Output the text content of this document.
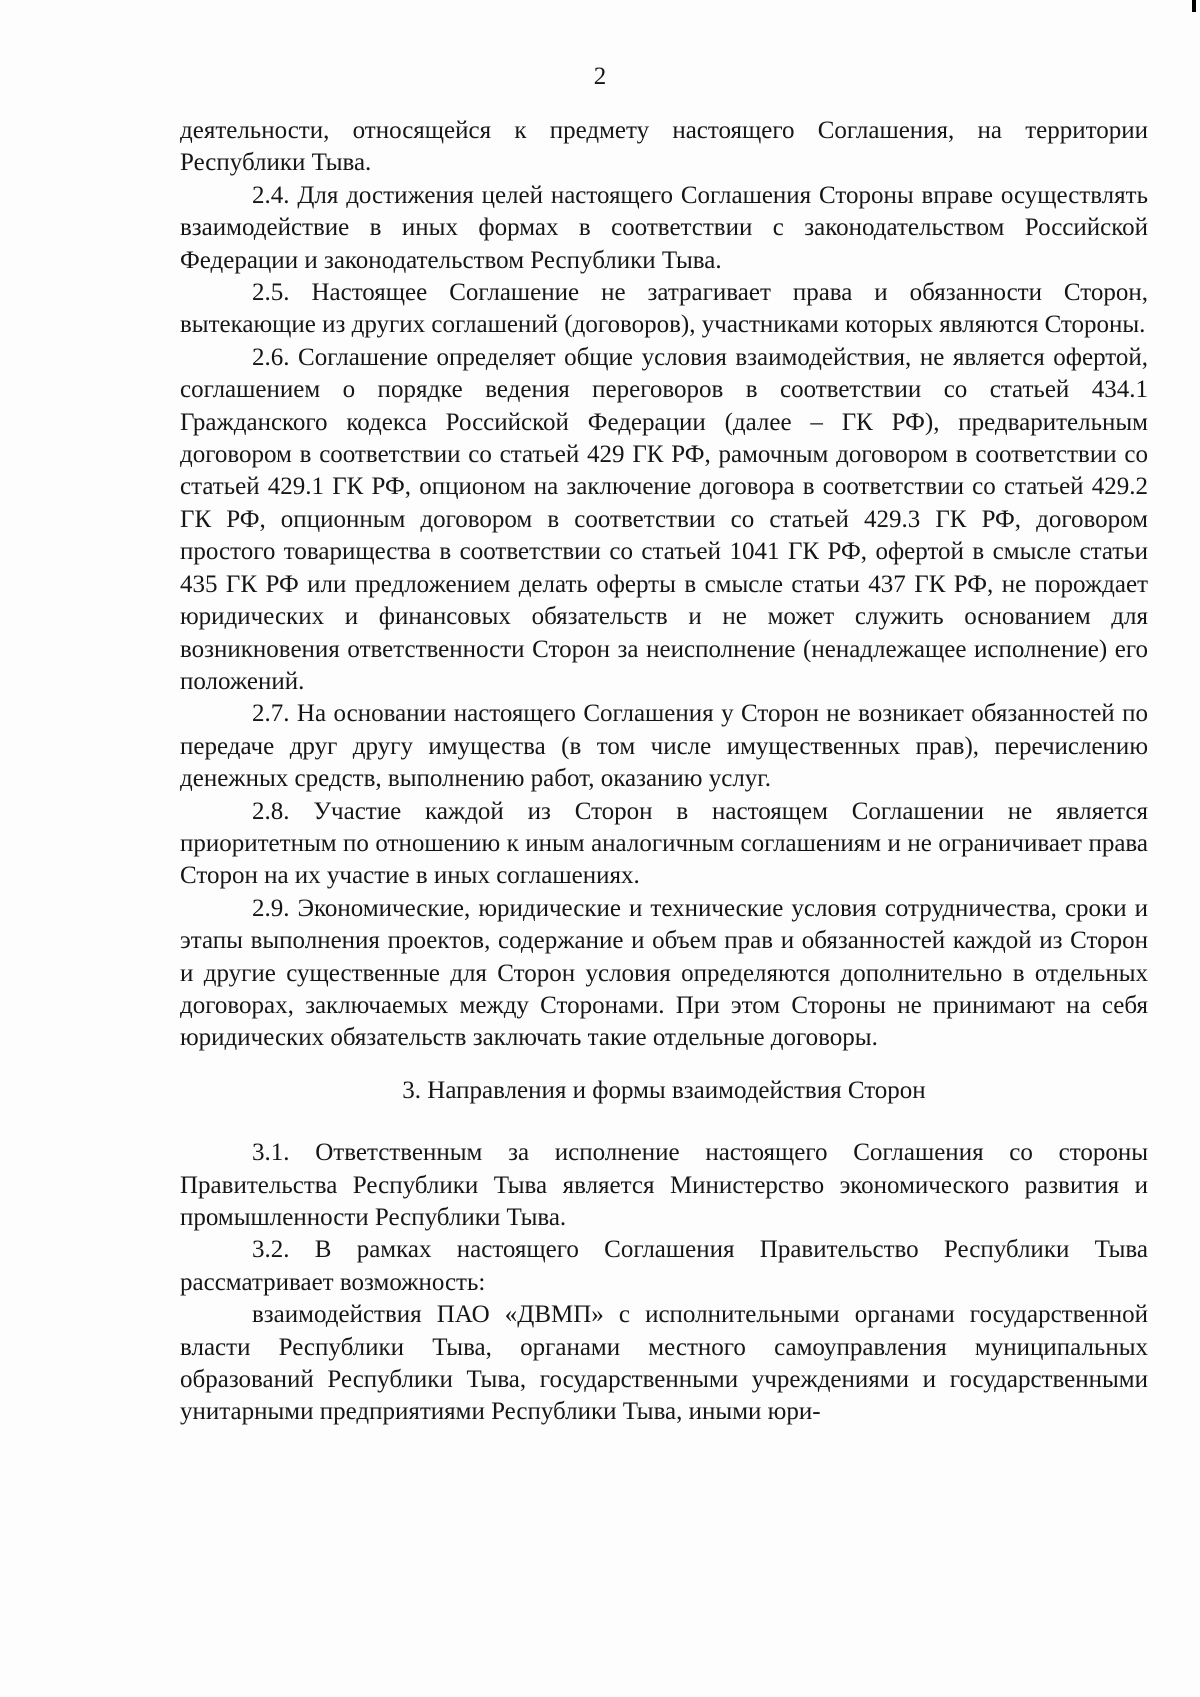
2

деятельности, относящейся к предмету настоящего Соглашения, на территории Республики Тыва.

2.4. Для достижения целей настоящего Соглашения Стороны вправе осуществлять взаимодействие в иных формах в соответствии с законодательством Российской Федерации и законодательством Республики Тыва.

2.5. Настоящее Соглашение не затрагивает права и обязанности Сторон, вытекающие из других соглашений (договоров), участниками которых являются Стороны.

2.6. Соглашение определяет общие условия взаимодействия, не является офертой, соглашением о порядке ведения переговоров в соответствии со статьей 434.1 Гражданского кодекса Российской Федерации (далее – ГК РФ), предварительным договором в соответствии со статьей 429 ГК РФ, рамочным договором в соответствии со статьей 429.1 ГК РФ, опционом на заключение договора в соответствии со статьей 429.2 ГК РФ, опционным договором в соответствии со статьей 429.3 ГК РФ, договором простого товарищества в соответствии со статьей 1041 ГК РФ, офертой в смысле статьи 435 ГК РФ или предложением делать оферты в смысле статьи 437 ГК РФ, не порождает юридических и финансовых обязательств и не может служить основанием для возникновения ответственности Сторон за неисполнение (ненадлежащее исполнение) его положений.

2.7. На основании настоящего Соглашения у Сторон не возникает обязанностей по передаче друг другу имущества (в том числе имущественных прав), перечислению денежных средств, выполнению работ, оказанию услуг.

2.8. Участие каждой из Сторон в настоящем Соглашении не является приоритетным по отношению к иным аналогичным соглашениям и не ограничивает права Сторон на их участие в иных соглашениях.

2.9. Экономические, юридические и технические условия сотрудничества, сроки и этапы выполнения проектов, содержание и объем прав и обязанностей каждой из Сторон и другие существенные для Сторон условия определяются дополнительно в отдельных договорах, заключаемых между Сторонами. При этом Стороны не принимают на себя юридических обязательств заключать такие отдельные договоры.

3. Направления и формы взаимодействия Сторон

3.1. Ответственным за исполнение настоящего Соглашения со стороны Правительства Республики Тыва является Министерство экономического развития и промышленности Республики Тыва.

3.2. В рамках настоящего Соглашения Правительство Республики Тыва рассматривает возможность:

взаимодействия ПАО «ДВМП» с исполнительными органами государственной власти Республики Тыва, органами местного самоуправления муниципальных образований Республики Тыва, государственными учреждениями и государственными унитарными предприятиями Республики Тыва, иными юри-
